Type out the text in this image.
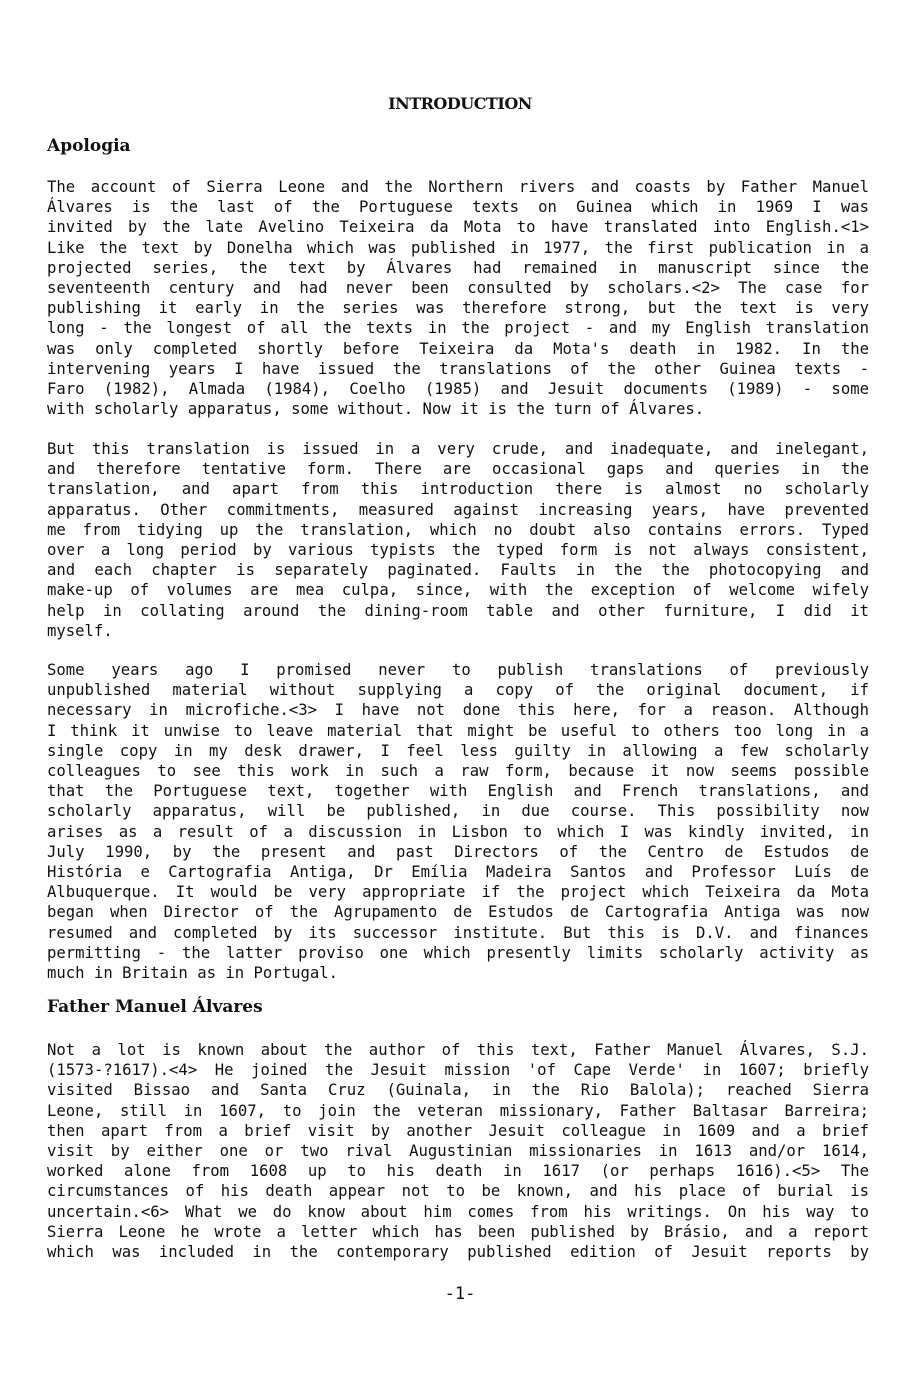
INTRODUCTION
Apologia
The account of Sierra Leone and the Northern rivers and coasts by Father Manuel
Álvares is the last of the Portuguese texts on Guinea which in 1969 I was
invited by the late Avelino Teixeira da Mota to have translated into English.<1>
Like the text by Donelha which was published in 1977, the first publication in a
projected series, the text by Álvares had remained in manuscript since the
seventeenth century and had never been consulted by scholars.<2> The case for
publishing it early in the series was therefore strong, but the text is very
long - the longest of all the texts in the project - and my English translation
was only completed shortly before Teixeira da Mota's death in 1982. In the
intervening years I have issued the translations of the other Guinea texts -
Faro (1982), Almada (1984), Coelho (1985) and Jesuit documents (1989) - some
with scholarly apparatus, some without. Now it is the turn of Álvares.
But this translation is issued in a very crude, and inadequate, and inelegant,
and therefore tentative form. There are occasional gaps and queries in the
translation, and apart from this introduction there is almost no scholarly
apparatus. Other commitments, measured against increasing years, have prevented
me from tidying up the translation, which no doubt also contains errors. Typed
over a long period by various typists the typed form is not always consistent,
and each chapter is separately paginated. Faults in the the photocopying and
make-up of volumes are mea culpa, since, with the exception of welcome wifely
help in collating around the dining-room table and other furniture, I did it
myself.
Some years ago I promised never to publish translations of previously
unpublished material without supplying a copy of the original document, if
necessary in microfiche.<3> I have not done this here, for a reason. Although
I think it unwise to leave material that might be useful to others too long in a
single copy in my desk drawer, I feel less guilty in allowing a few scholarly
colleagues to see this work in such a raw form, because it now seems possible
that the Portuguese text, together with English and French translations, and
scholarly apparatus, will be published, in due course. This possibility now
arises as a result of a discussion in Lisbon to which I was kindly invited, in
July 1990, by the present and past Directors of the Centro de Estudos de
História e Cartografia Antiga, Dr Emília Madeira Santos and Professor Luís de
Albuquerque. It would be very appropriate if the project which Teixeira da Mota
began when Director of the Agrupamento de Estudos de Cartografia Antiga was now
resumed and completed by its successor institute. But this is D.V. and finances
permitting - the latter proviso one which presently limits scholarly activity as
much in Britain as in Portugal.
Father Manuel Álvares
Not a lot is known about the author of this text, Father Manuel Álvares, S.J.
(1573-?1617).<4> He joined the Jesuit mission 'of Cape Verde' in 1607; briefly
visited Bissao and Santa Cruz (Guinala, in the Rio Balola); reached Sierra
Leone, still in 1607, to join the veteran missionary, Father Baltasar Barreira;
then apart from a brief visit by another Jesuit colleague in 1609 and a brief
visit by either one or two rival Augustinian missionaries in 1613 and/or 1614,
worked alone from 1608 up to his death in 1617 (or perhaps 1616).<5> The
circumstances of his death appear not to be known, and his place of burial is
uncertain.<6> What we do know about him comes from his writings. On his way to
Sierra Leone he wrote a letter which has been published by Brásio, and a report
which was included in the contemporary published edition of Jesuit reports by
-1-
